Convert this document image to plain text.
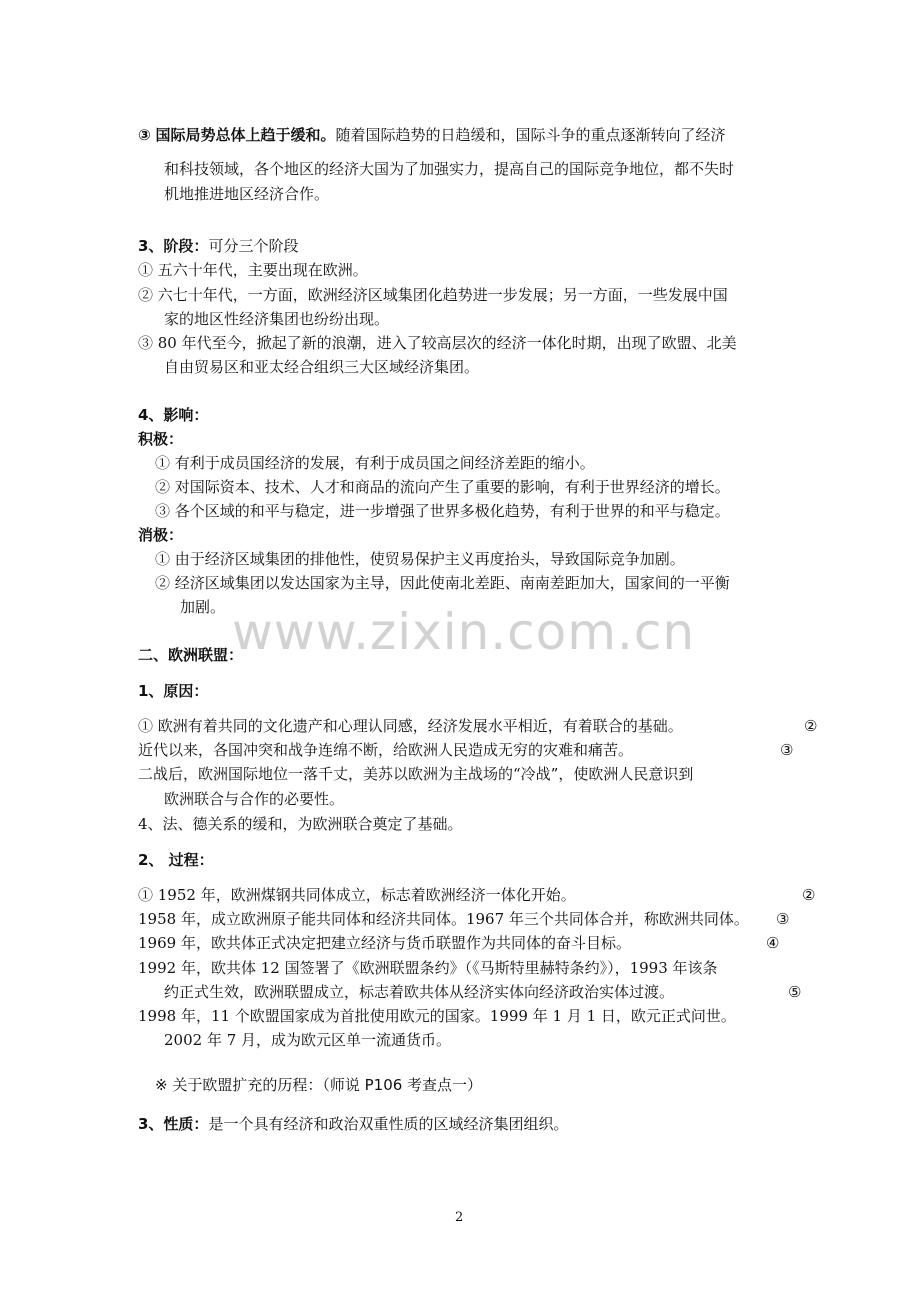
③ 国际局势总体上趋于缓和。随着国际趋势的日趋缓和，国际斗争的重点逐渐转向了经济
和科技领域，各个地区的经济大国为了加强实力，提高自己的国际竞争地位，都不失时
机地推进地区经济合作。
3、阶段：可分三个阶段
① 五六十年代，主要出现在欧洲。
② 六七十年代，一方面，欧洲经济区域集团化趋势进一步发展；另一方面，一些发展中国
家的地区性经济集团也纷纷出现。
③ 80 年代至今，掀起了新的浪潮，进入了较高层次的经济一体化时期，出现了欧盟、北美
自由贸易区和亚太经合组织三大区域经济集团。
4、影响：
积极：
① 有利于成员国经济的发展，有利于成员国之间经济差距的缩小。
② 对国际资本、技术、人才和商品的流向产生了重要的影响，有利于世界经济的增长。
③ 各个区域的和平与稳定，进一步增强了世界多极化趋势，有利于世界的和平与稳定。
消极：
① 由于经济区域集团的排他性，使贸易保护主义再度抬头，导致国际竞争加剧。
② 经济区域集团以发达国家为主导，因此使南北差距、南南差距加大，国家间的一平衡
加剧。 www.zixin.com.cn
二、欧洲联盟：
1、原因：
① 欧洲有着共同的文化遗产和心理认同感，经济发展水平相近，有着联合的基础。	②
近代以来，各国冲突和战争连绵不断，给欧洲人民造成无穷的灾难和痛苦。	③
二战后，欧洲国际地位一落千丈，美苏以欧洲为主战场的“冷战”，使欧洲人民意识到
欧洲联合与合作的必要性。
4、法、德关系的缓和，为欧洲联合奠定了基础。
2、 过程：
① 1952 年，欧洲煤钢共同体成立，标志着欧洲经济一体化开始。	②
1958 年，成立欧洲原子能共同体和经济共同体。1967 年三个共同体合并，称欧洲共同体。 ③
1969 年，欧共体正式决定把建立经济与货币联盟作为共同体的奋斗目标。	④
1992 年，欧共体 12 国签署了《欧洲联盟条约》（《马斯特里赫特条约》），1993 年该条
约正式生效，欧洲联盟成立，标志着欧共体从经济实体向经济政治实体过渡。	⑤
1998 年，11 个欧盟国家成为首批使用欧元的国家。1999 年 1 月 1 日，欧元正式问世。
2002 年 7 月，成为欧元区单一流通货币。
※ 关于欧盟扩充的历程：（师说 P106 考查点一）
3、性质：是一个具有经济和政治双重性质的区域经济集团组织。
2
